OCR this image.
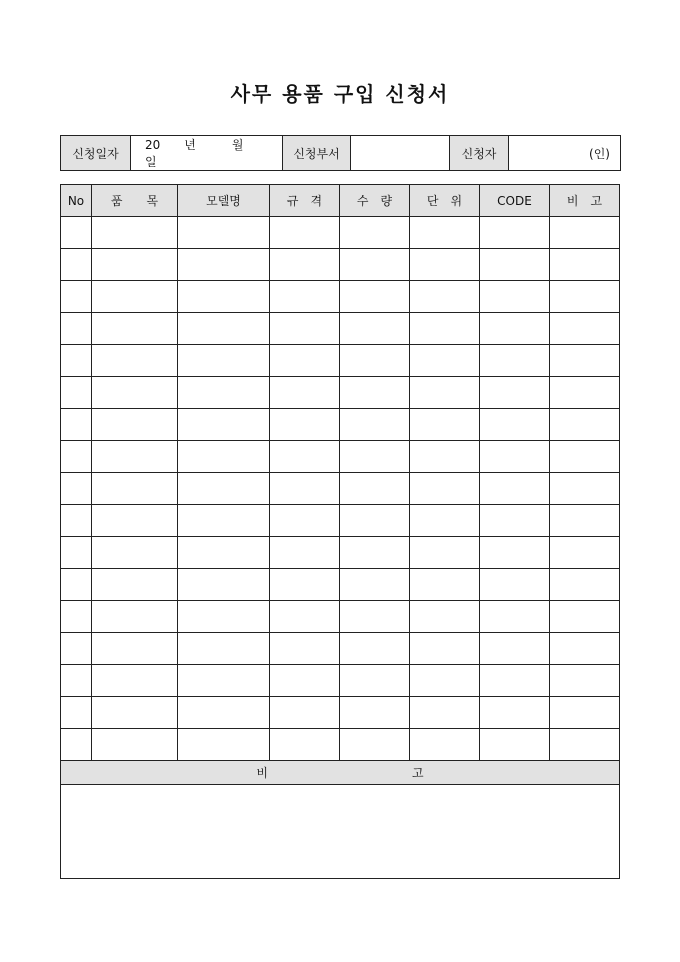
사무 용품 구입 신청서
신청일자	20　　년　　　월　　　일	신청부서		신청자	(인)
No	품　　목	모델명	규　격	수　량	단　위	CODE	비　고

비　　　　　　　　　　　　고
